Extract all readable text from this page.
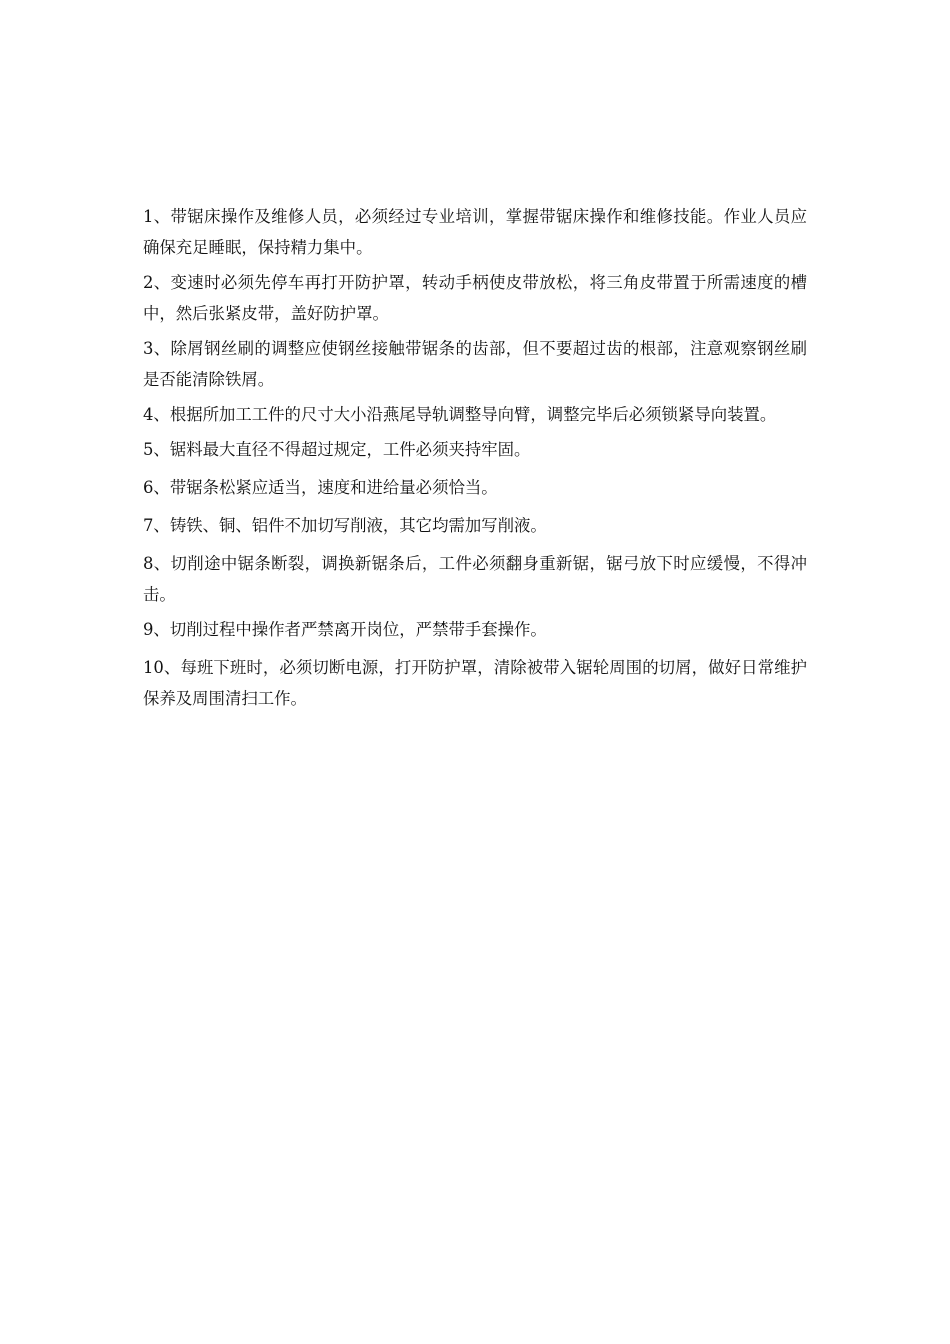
1、带锯床操作及维修人员，必须经过专业培训，掌握带锯床操作和维修技能。作业人员应确保充足睡眠，保持精力集中。

2、变速时必须先停车再打开防护罩，转动手柄使皮带放松，将三角皮带置于所需速度的槽中，然后张紧皮带，盖好防护罩。

3、除屑钢丝刷的调整应使钢丝接触带锯条的齿部，但不要超过齿的根部，注意观察钢丝刷是否能清除铁屑。

4、根据所加工工件的尺寸大小沿燕尾导轨调整导向臂，调整完毕后必须锁紧导向装置。

5、锯料最大直径不得超过规定，工件必须夹持牢固。

6、带锯条松紧应适当，速度和进给量必须恰当。

7、铸铁、铜、铝件不加切写削液，其它均需加写削液。

8、切削途中锯条断裂，调换新锯条后，工件必须翻身重新锯，锯弓放下时应缓慢，不得冲击。

9、切削过程中操作者严禁离开岗位，严禁带手套操作。

10、每班下班时，必须切断电源，打开防护罩，清除被带入锯轮周围的切屑，做好日常维护保养及周围清扫工作。
